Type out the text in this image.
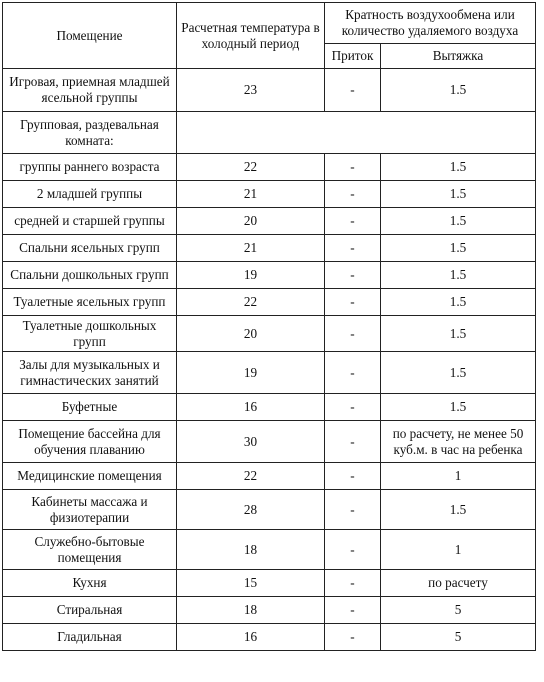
Помещение	Расчетная температура в холодный период	Кратность воздухообмена или количество удаляемого воздуха	
		Приток	Вытяжка
Игровая, приемная младшей ясельной группы	23	-	1.5
Групповая, раздевальная комната:			
группы раннего возраста	22	-	1.5
2 младшей группы	21	-	1.5
средней и старшей группы	20	-	1.5
Спальни ясельных групп	21	-	1.5
Спальни дошкольных групп	19	-	1.5
Туалетные ясельных групп	22	-	1.5
Туалетные дошкольных групп	20	-	1.5
Залы для музыкальных и гимнастических занятий	19	-	1.5
Буфетные	16	-	1.5
Помещение бассейна для обучения плаванию	30	-	по расчету, не менее 50 куб.м. в час на ребенка
Медицинские помещения	22	-	1
Кабинеты массажа и физиотерапии	28	-	1.5
Служебно-бытовые помещения	18	-	1
Кухня	15	-	по расчету
Стиральная	18	-	5
Гладильная	16	-	5
